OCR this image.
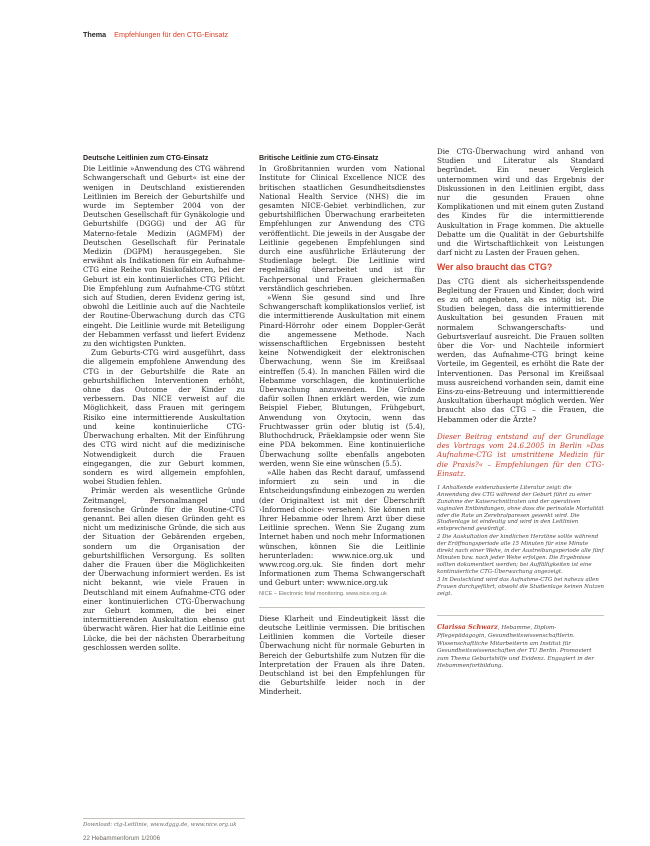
Thema Empfehlungen für den CTG-Einsatz
Deutsche Leitlinien zum CTG-Einsatz

Die Leitlinie »Anwendung des CTG während Schwangerschaft und Geburt« ist eine der wenigen in Deutschland existierenden Leitlinien im Bereich der Geburtshilfe und wurde im September 2004 von der Deutschen Gesellschaft für Gynäkologie und Geburtshilfe (DGGG) und der AG für Materno-fetale Medizin (AGMFM) der Deutschen Gesellschaft für Perinatale Medizin (DGPM) herausgegeben. Sie erwähnt als Indikationen für ein Aufnahme-CTG eine Reihe von Risikofaktoren, bei der Geburt ist ein kontinuierliches CTG Pflicht. Die Empfehlung zum Aufnahme-CTG stützt sich auf Studien, deren Evidenz gering ist, obwohl die Leitlinie auch auf die Nachteile der Routine-Überwachung durch das CTG eingeht. Die Leitlinie wurde mit Beteiligung der Hebammen verfasst und liefert Evidenz zu den wichtigsten Punkten.

Zum Geburts-CTG wird ausgeführt, dass die allgemein empfohlene Anwendung des CTG in der Geburtshilfe die Rate an geburtshilflichen Interventionen erhöht, ohne das Outcome der Kinder zu verbessern. Das NICE verweist auf die Möglichkeit, dass Frauen mit geringem Risiko eine intermittierende Auskultation und keine kontinuierliche CTG-Überwachung erhalten. Mit der Einführung des CTG wird nicht auf die medizinische Notwendigkeit durch die Frauen eingegangen, die zur Geburt kommen, sondern es wird allgemein empfohlen, wobei Studien fehlen.

Primär werden als wesentliche Gründe Zeitmangel, Personalmangel und forensische Gründe für die Routine-CTG genannt. Bei allen diesen Gründen geht es nicht um medizinische Gründe, die sich aus der Situation der Gebärenden ergeben, sondern um die Organisation der geburtshilflichen Versorgung. Es sollten daher die Frauen über die Möglichkeiten der Überwachung informiert werden. Es ist nicht bekannt, wie viele Frauen in Deutschland mit einem Aufnahme-CTG oder einer kontinuierlichen CTG-Überwachung zur Geburt kommen, die bei einer intermittierenden Auskultation ebenso gut überwacht wären. Hier hat die Leitlinie eine Lücke, die bei der nächsten Überarbeitung geschlossen werden sollte.

Britische Leitlinie zum CTG-Einsatz

In Großbritannien wurden vom National Institute for Clinical Excellence NICE des britischen staatlichen Gesundheitsdienstes National Health Service (NHS) die im gesamten NICE-Gebiet verbindlichen, zur geburtshilflichen Überwachung erarbeiteten Empfehlungen zur Anwendung des CTG veröffentlicht. Die jeweils in der Ausgabe der Leitlinie gegebenen Empfehlungen sind durch eine ausführliche Erläuterung der Studienlage belegt. Die Leitlinie wird regelmäßig überarbeitet und ist für Fachpersonal und Frauen gleichermaßen verständlich geschrieben.

»Wenn Sie gesund sind und Ihre Schwangerschaft komplikationslos verlief, ist die intermittierende Auskultation mit einem Pinard-Hörrohr oder einem Doppler-Gerät die angemessene Methode. Nach wissenschaftlichen Ergebnissen besteht keine Notwendigkeit der elektronischen Überwachung, wenn Sie im Kreißsaal eintreffen (5.4). In manchen Fällen wird die Hebamme vorschlagen, die kontinuierliche Überwachung anzuwenden. Die Gründe dafür sollen Ihnen erklärt werden, wie zum Beispiel Fieber, Blutungen, Frühgeburt, Anwendung von Oxytocin, wenn das Fruchtwasser grün oder blutig ist (5.4), Bluthochdruck, Präeklampsie oder wenn Sie eine PDA bekommen. Eine kontinuierliche Überwachung sollte ebenfalls angeboten werden, wenn Sie eine wünschen (5.5).

»Alle haben das Recht darauf, umfassend informiert zu sein und in die Entscheidungsfindung einbezogen zu werden (der Originaltext ist mit der Überschrift ›Informed choice‹ versehen). Sie können mit Ihrer Hebamme oder Ihrem Arzt über diese Leitlinie sprechen. Wenn Sie Zugang zum Internet haben und noch mehr Informationen wünschen, können Sie die Leitlinie herunterladen: www.nice.org.uk und www.rcog.org.uk. Sie finden dort mehr Informationen zum Thema Schwangerschaft und Geburt unter: www.nice.org.uk

NICE – Electronic fetal monitoring. www.nice.org.uk

Diese Klarheit und Eindeutigkeit lässt die deutsche Leitlinie vermissen. Die britischen Leitlinien kommen die Vorteile dieser Überwachung nicht für normale Geburten in Bereich der Geburtshilfe zum Nutzen für die Interpretation der Frauen als ihre Daten. Deutschland ist bei den Empfehlungen für die Geburtshilfe leider noch in der Minderheit.

Die CTG-Überwachung wird anhand von Studien und Literatur als Standard begründet. Ein neuer Vergleich unternommen wird und das Ergebnis der Diskussionen in den Leitlinien ergibt, dass nur die gesunden Frauen ohne Komplikationen und mit einem guten Zustand des Kindes für die intermittierende Auskultation in Frage kommen. Die aktuelle Debatte um die Qualität in der Geburtshilfe und die Wirtschaftlichkeit von Leistungen darf nicht zu Lasten der Frauen gehen.

Wer also braucht das CTG?

Das CTG dient als sicherheitsspendende Begleitung der Frauen und Kinder, doch wird es zu oft angeboten, als es nötig ist. Die Studien belegen, dass die intermittierende Auskultation bei gesunden Frauen mit normalem Schwangerschafts- und Geburtsverlauf ausreicht. Die Frauen sollten über die Vor- und Nachteile informiert werden, das Aufnahme-CTG bringt keine Vorteile, im Gegenteil, es erhöht die Rate der Interventionen. Das Personal im Kreißsaal muss ausreichend vorhanden sein, damit eine Eins-zu-eins-Betreuung und intermittierende Auskultation überhaupt möglich werden. Wer braucht also das CTG – die Frauen, die Hebammen oder die Ärzte?

Dieser Beitrag entstand auf der Grundlage des Vortrags vom 24.6.2005 in Berlin »Das Aufnahme-CTG ist umstrittene Medizin für die Praxis?« – Empfehlungen für den CTG-Einsatz.

1 Anhaltende evidenzbasierte Literatur zeigt: die Anwendung des CTG während der Geburt führt zu einer Zunahme der Kaiserschnittraten und der operativen vaginalen Entbindungen, ohne dass die perinatale Mortalität oder die Rate an Zerebralparesen gesenkt wird. Die Studienlage ist eindeutig und wird in den Leitlinien entsprechend gewürdigt.

2 Die Auskultation der kindlichen Herztöne sollte während der Eröffnungsperiode alle 15 Minuten für eine Minute direkt nach einer Wehe, in der Austreibungsperiode alle fünf Minuten bzw. nach jeder Wehe erfolgen. Die Ergebnisse sollten dokumentiert werden; bei Auffälligkeiten ist eine kontinuierliche CTG-Überwachung angezeigt.

3 In Deutschland wird das Aufnahme-CTG bei nahezu allen Frauen durchgeführt, obwohl die Studienlage keinen Nutzen zeigt.

Clarissa Schwarz, Hebamme, Diplom-Pflegepädagogin, Gesundheitswissenschaftlerin. Wissenschaftliche Mitarbeiterin am Institut für Gesundheitswissenschaften der TU Berlin. Promoviert zum Thema Geburtshilfe und Evidenz. Engagiert in der Hebammenfortbildung.
Download: ctg-Leitlinie, www.dggg.de, www.nice.org.uk
22 Hebammenforum 1/2006
